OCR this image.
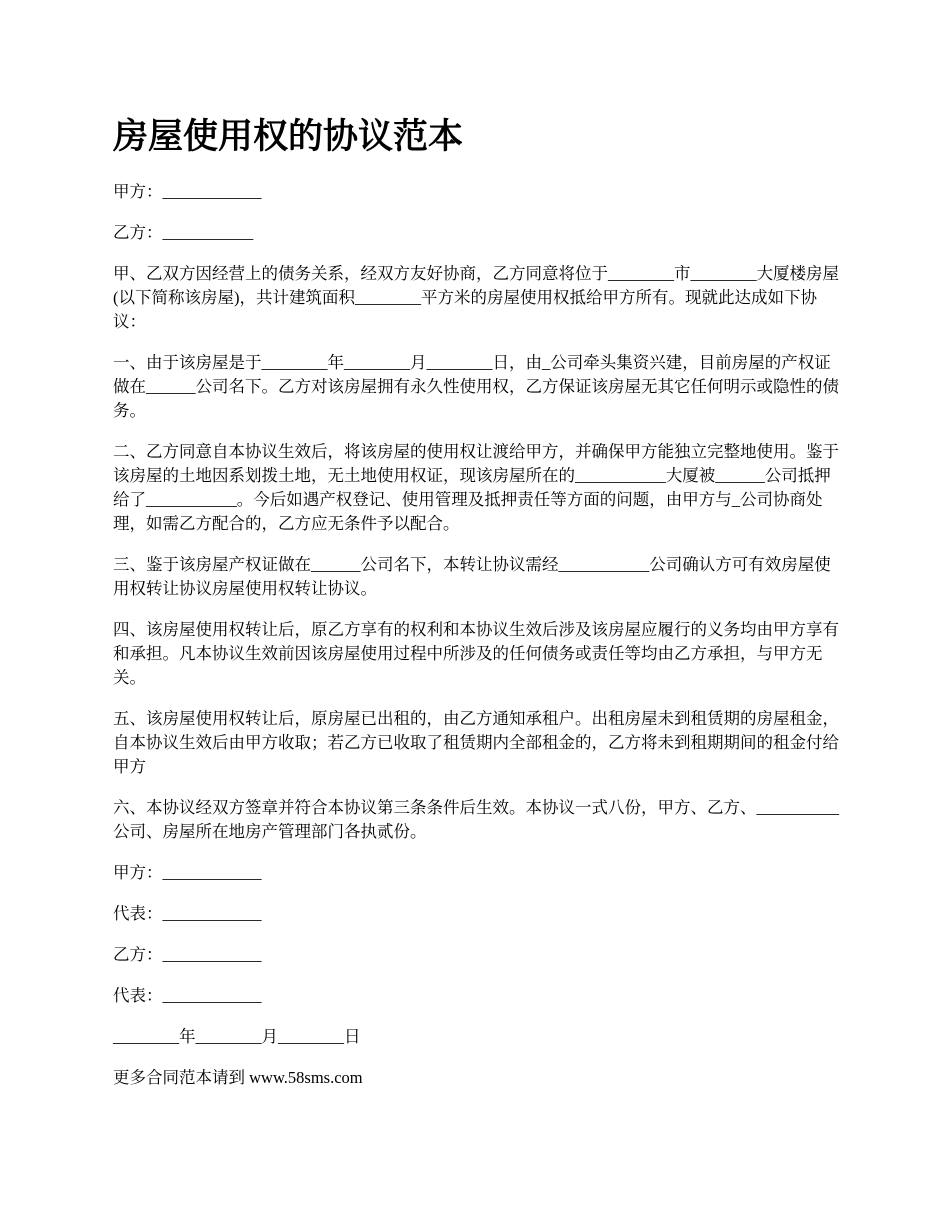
房屋使用权的协议范本

甲方：____________

乙方：___________

甲、乙双方因经营上的债务关系，经双方友好协商，乙方同意将位于________市________大厦楼房屋(以下简称该房屋)，共计建筑面积________平方米的房屋使用权抵给甲方所有。现就此达成如下协议：

一、由于该房屋是于________年________月________日，由_公司牵头集资兴建，目前房屋的产权证做在______公司名下。乙方对该房屋拥有永久性使用权，乙方保证该房屋无其它任何明示或隐性的债务。

二、乙方同意自本协议生效后，将该房屋的使用权让渡给甲方，并确保甲方能独立完整地使用。鉴于该房屋的土地因系划拨土地，无土地使用权证，现该房屋所在的___________大厦被______公司抵押给了___________。今后如遇产权登记、使用管理及抵押责任等方面的问题，由甲方与_公司协商处理，如需乙方配合的，乙方应无条件予以配合。

三、鉴于该房屋产权证做在______公司名下，本转让协议需经___________公司确认方可有效房屋使用权转让协议房屋使用权转让协议。

四、该房屋使用权转让后，原乙方享有的权利和本协议生效后涉及该房屋应履行的义务均由甲方享有和承担。凡本协议生效前因该房屋使用过程中所涉及的任何债务或责任等均由乙方承担，与甲方无关。

五、该房屋使用权转让后，原房屋已出租的，由乙方通知承租户。出租房屋未到租赁期的房屋租金，自本协议生效后由甲方收取；若乙方已收取了租赁期内全部租金的，乙方将未到租期期间的租金付给甲方

六、本协议经双方签章并符合本协议第三条条件后生效。本协议一式八份，甲方、乙方、__________公司、房屋所在地房产管理部门各执贰份。

甲方：____________

代表：____________

乙方：____________

代表：____________

________年________月________日

更多合同范本请到 www.58sms.com
